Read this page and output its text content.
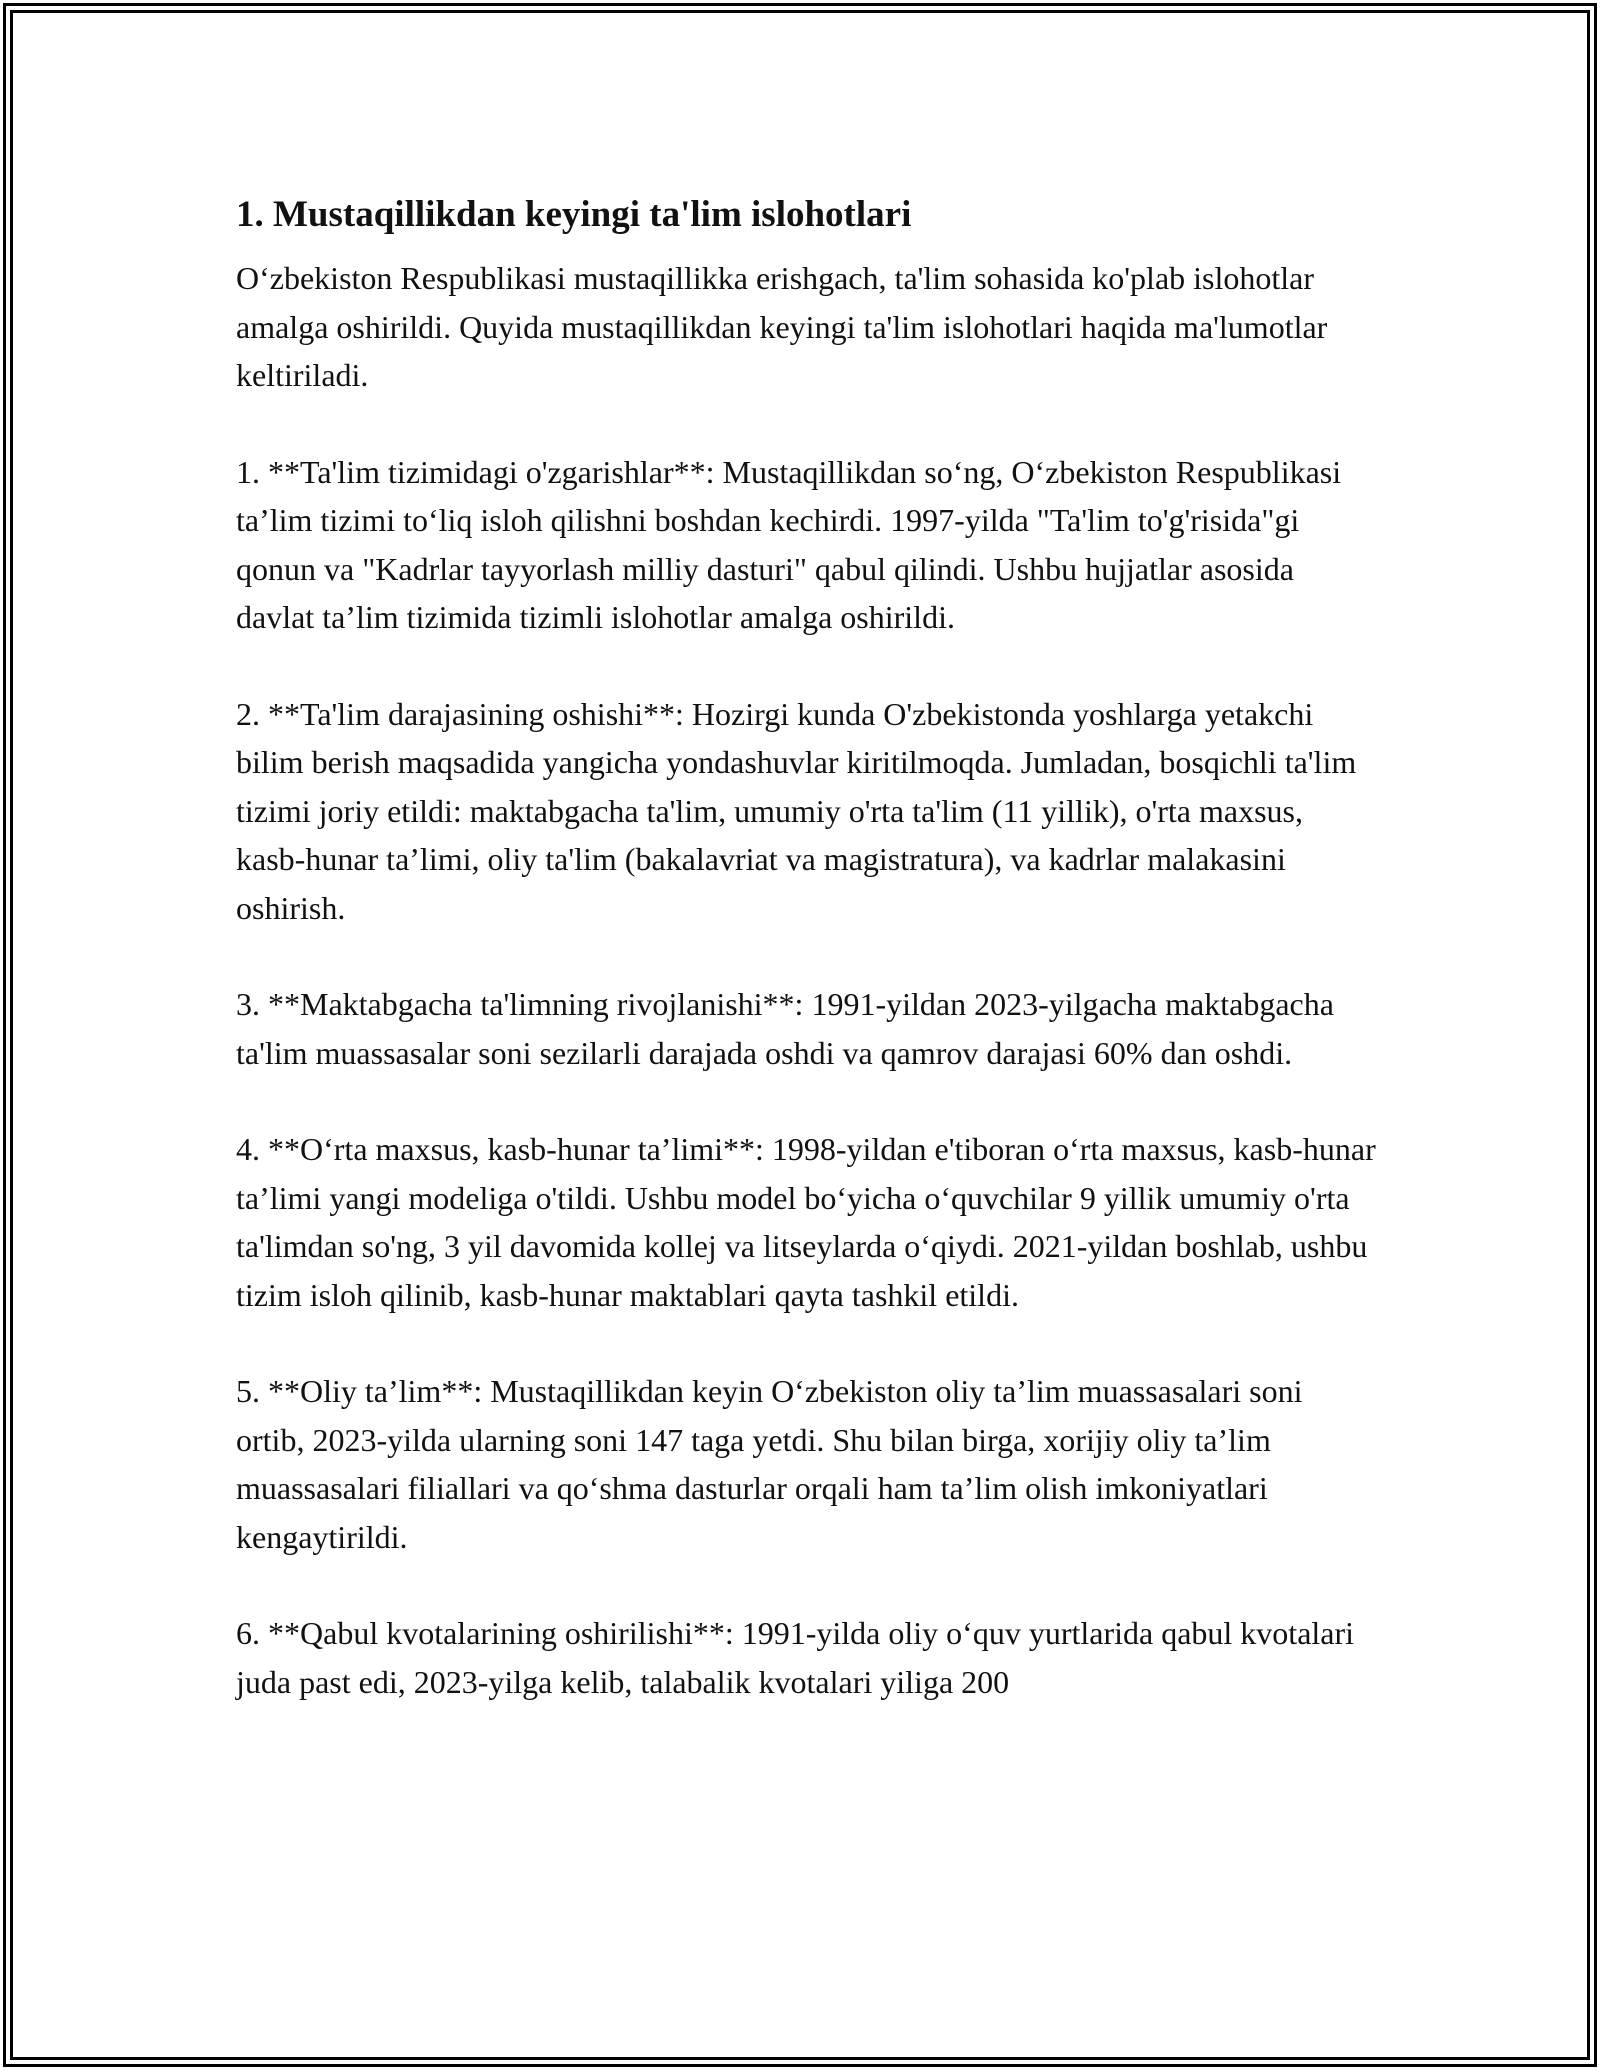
1. Mustaqillikdan keyingi ta'lim islohotlari

O‘zbekiston Respublikasi mustaqillikka erishgach, ta'lim sohasida ko'plab islohotlar amalga oshirildi. Quyida mustaqillikdan keyingi ta'lim islohotlari haqida ma'lumotlar keltiriladi.

1. **Ta'lim tizimidagi o'zgarishlar**: Mustaqillikdan so‘ng, O‘zbekiston Respublikasi ta’lim tizimi to‘liq isloh qilishni boshdan kechirdi. 1997-yilda "Ta'lim to'g'risida"gi qonun va "Kadrlar tayyorlash milliy dasturi" qabul qilindi. Ushbu hujjatlar asosida davlat ta’lim tizimida tizimli islohotlar amalga oshirildi.

2. **Ta'lim darajasining oshishi**: Hozirgi kunda O'zbekistonda yoshlarga yetakchi bilim berish maqsadida yangicha yondashuvlar kiritilmoqda. Jumladan, bosqichli ta'lim tizimi joriy etildi: maktabgacha ta'lim, umumiy o'rta ta'lim (11 yillik), o'rta maxsus, kasb-hunar ta’limi, oliy ta'lim (bakalavriat va magistratura), va kadrlar malakasini oshirish.

3. **Maktabgacha ta'limning rivojlanishi**: 1991-yildan 2023-yilgacha maktabgacha ta'lim muassasalar soni sezilarli darajada oshdi va qamrov darajasi 60% dan oshdi.

4. **O‘rta maxsus, kasb-hunar ta’limi**: 1998-yildan e'tiboran o‘rta maxsus, kasb-hunar ta’limi yangi modeliga o'tildi. Ushbu model bo‘yicha o‘quvchilar 9 yillik umumiy o'rta ta'limdan so'ng, 3 yil davomida kollej va litseylarda o‘qiydi. 2021-yildan boshlab, ushbu tizim isloh qilinib, kasb-hunar maktablari qayta tashkil etildi.

5. **Oliy ta’lim**: Mustaqillikdan keyin O‘zbekiston oliy ta’lim muassasalari soni ortib, 2023-yilda ularning soni 147 taga yetdi. Shu bilan birga, xorijiy oliy ta’lim muassasalari filiallari va qo‘shma dasturlar orqali ham ta’lim olish imkoniyatlari kengaytirildi.

6. **Qabul kvotalarining oshirilishi**: 1991-yilda oliy o‘quv yurtlarida qabul kvotalari juda past edi, 2023-yilga kelib, talabalik kvotalari yiliga 200
